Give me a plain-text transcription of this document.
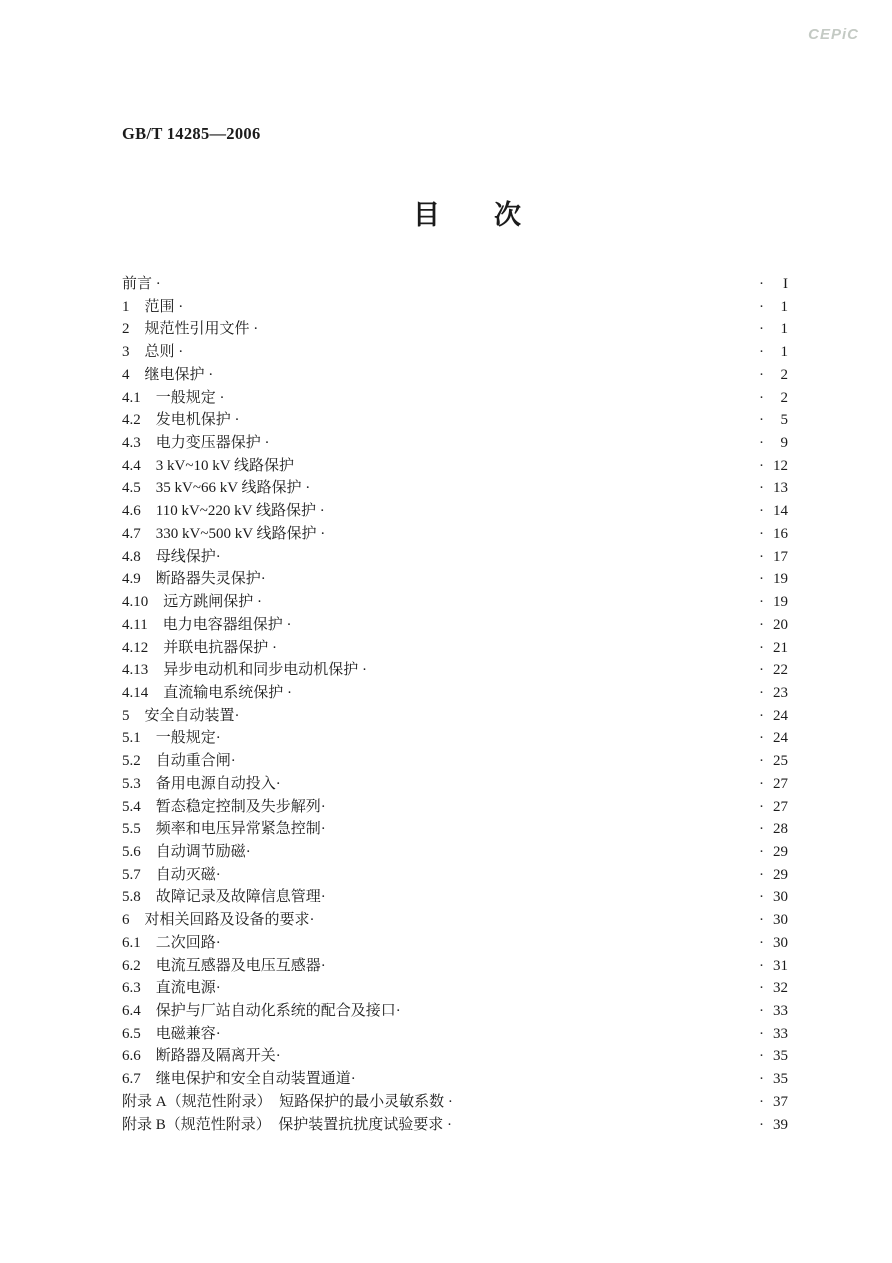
CEPiC
GB/T 14285—2006
目　　次
前言 ·	·	I
1　范围 ·	·	1
2　规范性引用文件 ·	·	1
3　总则 ·	·	1
4　继电保护 ·	·	2
4.1　一般规定 ·	·	2
4.2　发电机保护 ·	·	5
4.3　电力变压器保护 ·	·	9
4.4　3 kV~10 kV 线路保护	· 12
4.5　35 kV~66 kV 线路保护 ·	· 13
4.6　110 kV~220 kV 线路保护 ·	· 14
4.7　330 kV~500 kV 线路保护 ·	· 16
4.8　母线保护·	· 17
4.9　断路器失灵保护·	· 19
4.10　远方跳闸保护 ·	· 19
4.11　电力电容器组保护 ·	· 20
4.12　并联电抗器保护 ·	· 21
4.13　异步电动机和同步电动机保护 ·	· 22
4.14　直流输电系统保护 ·	· 23
5　安全自动装置·	· 24
5.1　一般规定·	· 24
5.2　自动重合闸·	· 25
5.3　备用电源自动投入·	· 27
5.4　暂态稳定控制及失步解列·	· 27
5.5　频率和电压异常紧急控制·	· 28
5.6　自动调节励磁·	· 29
5.7　自动灭磁·	· 29
5.8　故障记录及故障信息管理·	· 30
6　对相关回路及设备的要求·	· 30
6.1　二次回路·	· 30
6.2　电流互感器及电压互感器·	· 31
6.3　直流电源·	· 32
6.4　保护与厂站自动化系统的配合及接口·	· 33
6.5　电磁兼容·	· 33
6.6　断路器及隔离开关·	· 35
6.7　继电保护和安全自动装置通道·	· 35
附录 A（规范性附录）　短路保护的最小灵敏系数 ·	· 37
附录 B（规范性附录）　保护装置抗扰度试验要求 ·	· 39
